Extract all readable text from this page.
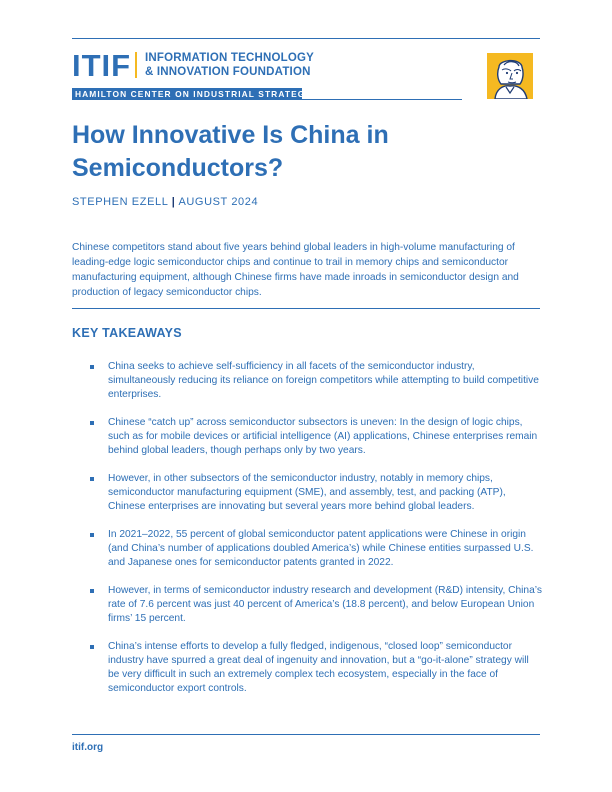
ITIF INFORMATION TECHNOLOGY
& INNOVATION FOUNDATION
HAMILTON CENTER ON INDUSTRIAL STRATEGY
How Innovative Is China in
Semiconductors?
STEPHEN EZELL | AUGUST 2024

Chinese competitors stand about five years behind global leaders in high-volume manufacturing of leading-edge logic semiconductor chips and continue to trail in memory chips and semiconductor manufacturing equipment, although Chinese firms have made inroads in semiconductor design and production of legacy semiconductor chips.

KEY TAKEAWAYS
China seeks to achieve self-sufficiency in all facets of the semiconductor industry, simultaneously reducing its reliance on foreign competitors while attempting to build competitive enterprises.
Chinese “catch up” across semiconductor subsectors is uneven: In the design of logic chips, such as for mobile devices or artificial intelligence (AI) applications, Chinese enterprises remain behind global leaders, though perhaps only by two years.
However, in other subsectors of the semiconductor industry, notably in memory chips, semiconductor manufacturing equipment (SME), and assembly, test, and packing (ATP), Chinese enterprises are innovating but several years more behind global leaders.
In 2021–2022, 55 percent of global semiconductor patent applications were Chinese in origin (and China’s number of applications doubled America’s) while Chinese entities surpassed U.S. and Japanese ones for semiconductor patents granted in 2022.
However, in terms of semiconductor industry research and development (R&D) intensity, China’s rate of 7.6 percent was just 40 percent of America’s (18.8 percent), and below European Union firms’ 15 percent.
China’s intense efforts to develop a fully fledged, indigenous, “closed loop” semiconductor industry have spurred a great deal of ingenuity and innovation, but a “go-it-alone” strategy will be very difficult in such an extremely complex tech ecosystem, especially in the face of semiconductor export controls.
itif.org
